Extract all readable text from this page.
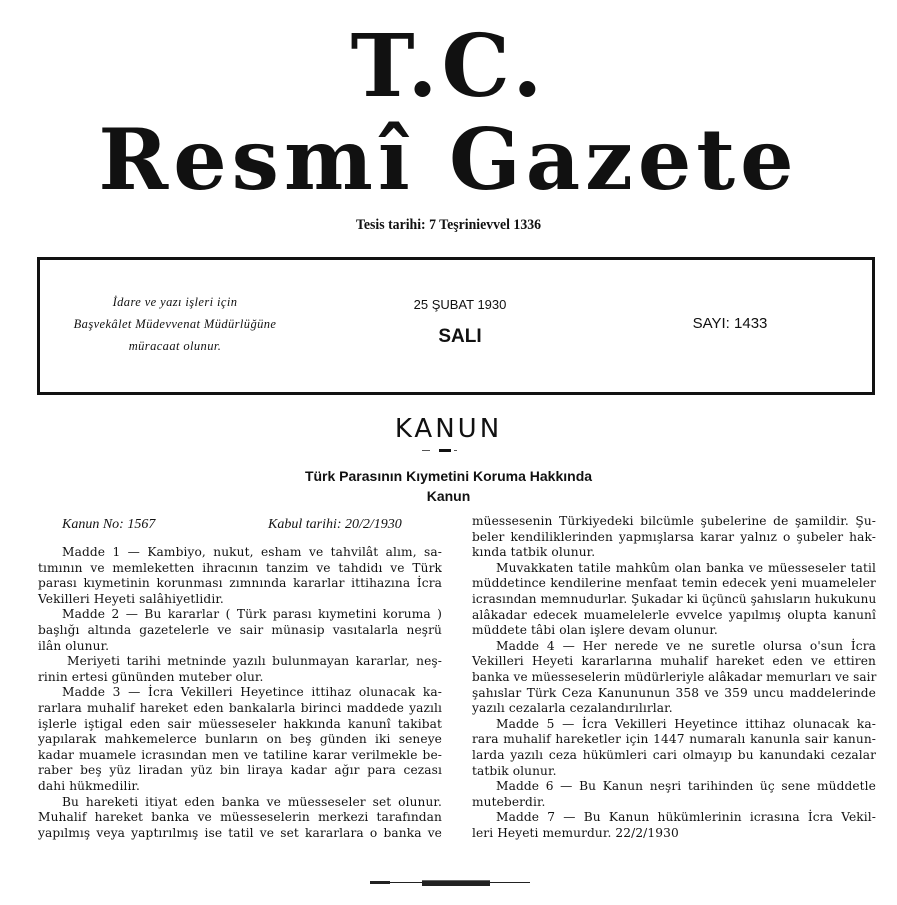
T.C.
Resmî Gazete
Tesis tarihi: 7 Teşrinievvel 1336
İdare ve yazı işleri için
Başvekâlet Müdevvenat Müdürlüğüne
müracaat olunur.
25 ŞUBAT 1930
SALI
SAYI: 1433
KANUN
Türk Parasının Kıymetini Koruma Hakkında
Kanun
Kanun No: 1567	Kabul tarihi: 20/2/1930
Madde 1 — Kambiyo, nukut, esham ve tahvilât alım, sa-
tımının ve memleketten ihracının tanzim ve tahdidı ve Türk
parası kıymetinin korunması zımnında kararlar ittihazına İcra
Vekilleri Heyeti salâhiyetlidir.
Madde 2 — Bu kararlar ( Türk parası kıymetini koruma )
başlığı altında gazetelerle ve sair münasip vasıtalarla neşrü
ilân olunur.
Meriyeti tarihi metninde yazılı bulunmayan kararlar, neş-
rinin ertesi gününden muteber olur.
Madde 3 — İcra Vekilleri Heyetince ittihaz olunacak ka-
rarlara muhalif hareket eden bankalarla birinci maddede yazılı
işlerle iştigal eden sair müesseseler hakkında kanunî takibat
yapılarak mahkemelerce bunların on beş günden iki seneye
kadar muamele icrasından men ve tatiline karar verilmekle be-
raber beş yüz liradan yüz bin liraya kadar ağır para cezası
dahi hükmedilir.
Bu hareketi itiyat eden banka ve müesseseler set olunur.
Muhalif hareket banka ve müesseselerin merkezi tarafından
yapılmış veya yaptırılmış ise tatil ve set kararlara o banka ve
müessesenin Türkiyedeki bilcümle şubelerine de şamildir. Şu-
beler kendiliklerinden yapmışlarsa karar yalnız o şubeler hak-
kında tatbik olunur.
Muvakkaten tatile mahkûm olan banka ve müesseseler tatil
müddetince kendilerine menfaat temin edecek yeni muameleler
icrasından memnudurlar. Şukadar ki üçüncü şahısların hukukunu
alâkadar edecek muamelelerle evvelce yapılmış olupta kanunî
müddete tâbi olan işlere devam olunur.
Madde 4 — Her nerede ve ne suretle olursa o'sun İcra
Vekilleri Heyeti kararlarına muhalif hareket eden ve ettiren
banka ve müesseselerin müdürleriyle alâkadar memurları ve sair
şahıslar Türk Ceza Kanununun 358 ve 359 uncu maddelerinde
yazılı cezalarla cezalandırılırlar.
Madde 5 — İcra Vekilleri Heyetince ittihaz olunacak ka-
rara muhalif hareketler için 1447 numaralı kanunla sair kanun-
larda yazılı ceza hükümleri cari olmayıp bu kanundaki cezalar
tatbik olunur.
Madde 6 — Bu Kanun neşri tarihinden üç sene müddetle
muteberdir.
Madde 7 — Bu Kanun hükümlerinin icrasına İcra Vekil-
leri Heyeti memurdur. 22/2/1930
